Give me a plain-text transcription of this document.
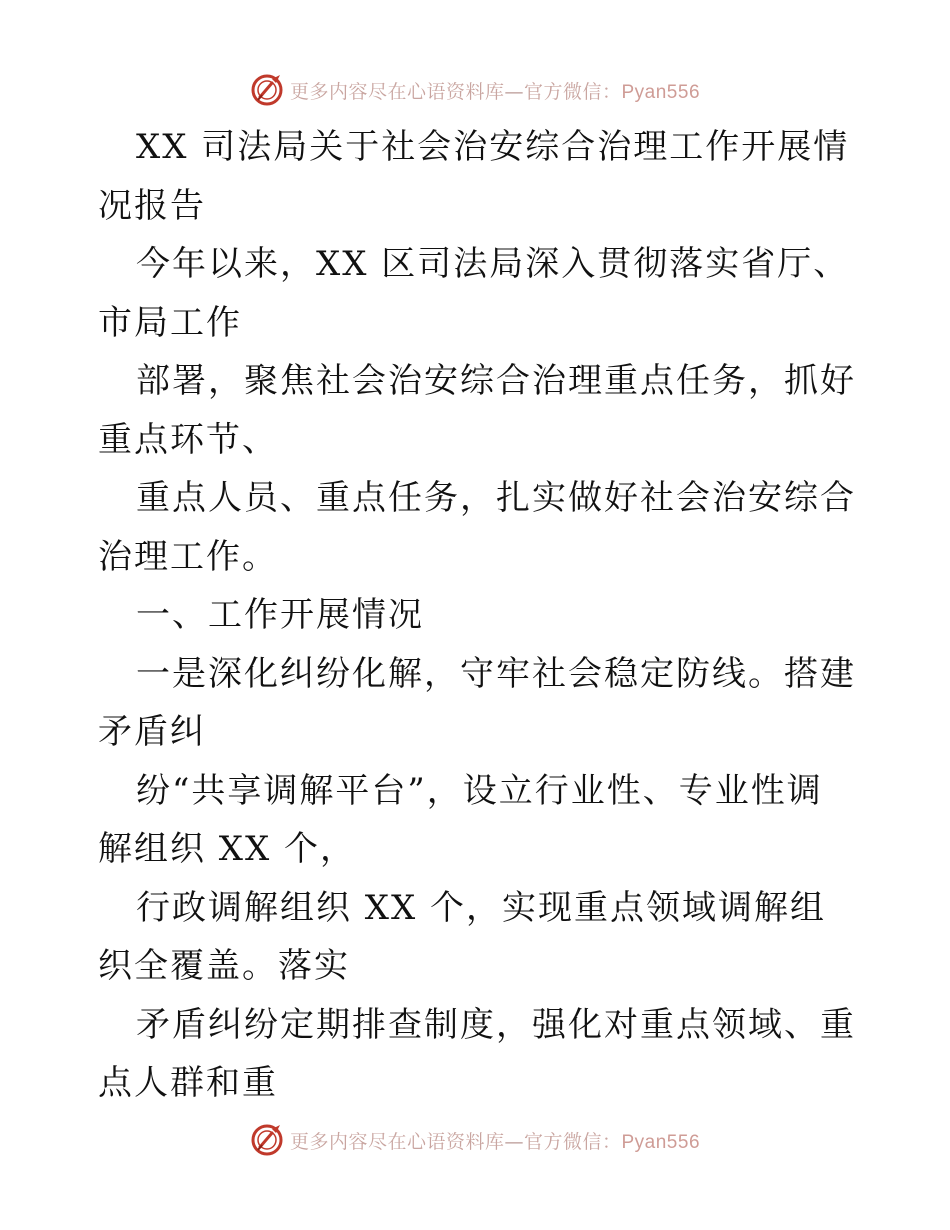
更多内容尽在心语资料库—官方微信：Pyan556

XX 司法局关于社会治安综合治理工作开展情况报告

今年以来，XX 区司法局深入贯彻落实省厅、市局工作

部署，聚焦社会治安综合治理重点任务，抓好重点环节、

重点人员、重点任务，扎实做好社会治安综合治理工作。

一、工作开展情况

一是深化纠纷化解，守牢社会稳定防线。搭建矛盾纠

纷“共享调解平台”，设立行业性、专业性调解组织 XX 个，

行政调解组织 XX 个，实现重点领域调解组织全覆盖。落实

矛盾纠纷定期排查制度，强化对重点领域、重点人群和重

更多内容尽在心语资料库—官方微信：Pyan556
